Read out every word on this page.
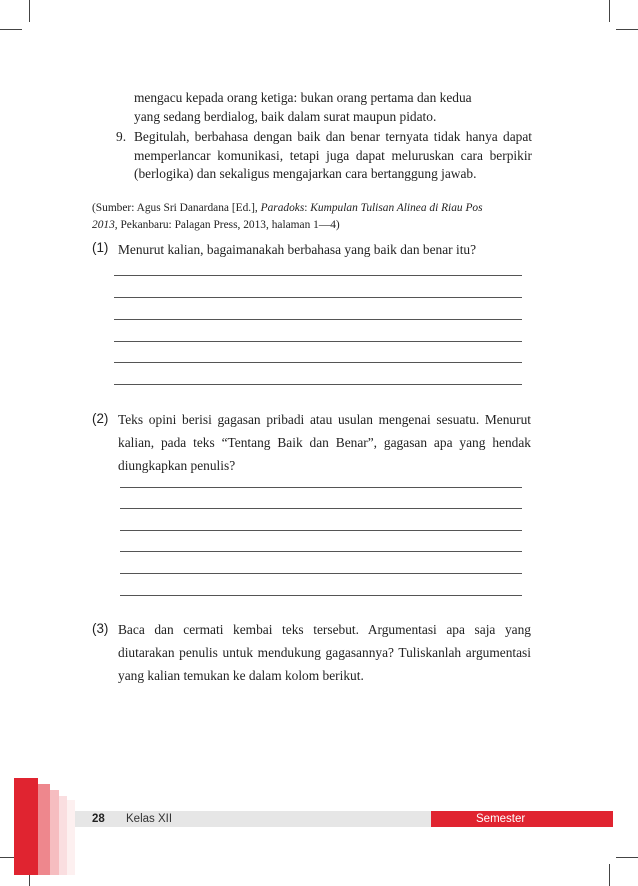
mengacu kepada orang ketiga: bukan orang pertama dan kedua
yang sedang berdialog, baik dalam surat maupun pidato.
9. Begitulah, berbahasa dengan baik dan benar ternyata tidak hanya dapat memperlancar komunikasi, tetapi juga dapat meluruskan cara berpikir (berlogika) dan sekaligus mengajarkan cara bertanggung jawab.
(Sumber: Agus Sri Danardana [Ed.], Paradoks: Kumpulan Tulisan Alinea di Riau Pos
2013, Pekanbaru: Palagan Press, 2013, halaman 1—4)
(1) Menurut kalian, bagaimanakah berbahasa yang baik dan benar itu?
(2) Teks opini berisi gagasan pribadi atau usulan mengenai sesuatu. Menurut kalian, pada teks “Tentang Baik dan Benar”, gagasan apa yang hendak diungkapkan penulis?
(3) Baca dan cermati kembai teks tersebut. Argumentasi apa saja yang diutarakan penulis untuk mendukung gagasannya? Tuliskanlah argumentasi yang kalian temukan ke dalam kolom berikut.
28 Kelas XII	Semester 2
